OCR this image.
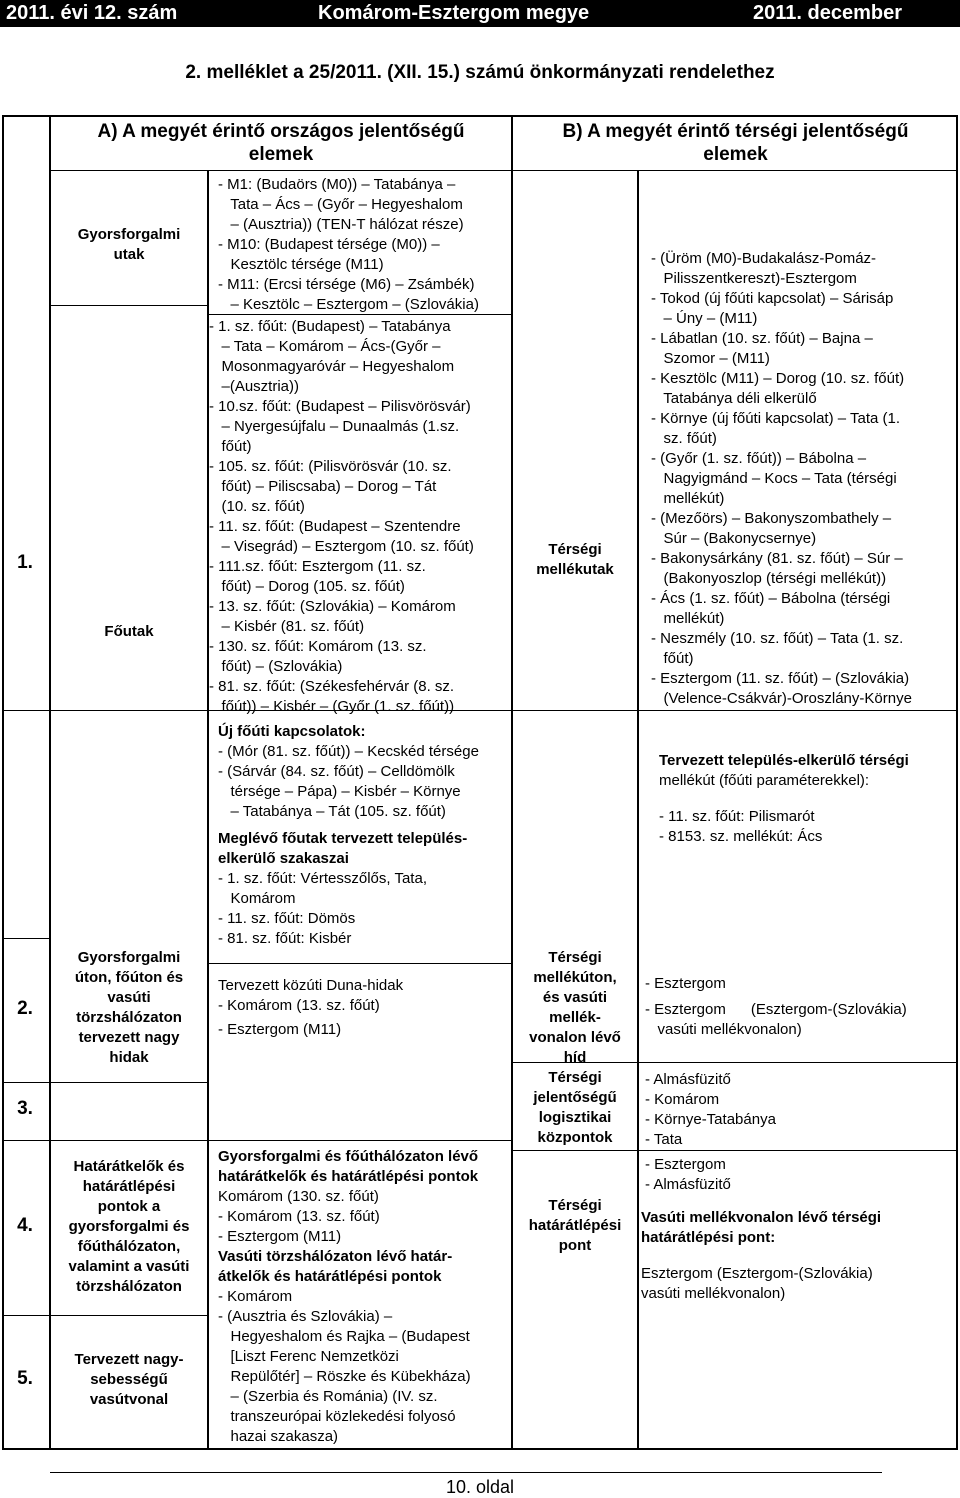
2011. évi 12. szám	Komárom-Esztergom megye	2011. december
2. melléklet a 25/2011. (XII. 15.) számú önkormányzati rendelethez
A) A megyét érintő országos jelentőségű
elemek
B) A megyét érintő térségi jelentőségű
elemek
1.
2.
3.
4.
5.
Gyorsforgalmi
utak
Főutak
Térségi
mellékutak
Gyorsforgalmi
úton, főúton és
vasúti
törzshálózaton
tervezett nagy
hidak
Térségi
mellékúton,
és vasúti
mellék-
vonalon lévő
híd
Térségi
jelentőségű
logisztikai
központok
Határátkelők és
határátlépési
pontok a
gyorsforgalmi és
főúthálózaton,
valamint a vasúti
törzshálózaton
Térségi
határátlépési
pont
Tervezett nagy-
sebességű
vasútvonal
- M1: (Budaörs (M0)) – Tatabánya –
Tata – Ács – (Győr – Hegyeshalom
– (Ausztria)) (TEN-T hálózat része)
- M10: (Budapest térsége (M0)) –
Kesztölc térsége (M11)
- M11: (Ercsi térsége (M6) – Zsámbék)
– Kesztölc – Esztergom – (Szlovákia)
- 1. sz. főút: (Budapest) – Tatabánya
– Tata – Komárom – Ács-(Győr –
Mosonmagyaróvár – Hegyeshalom
–(Ausztria))
- 10.sz. főút: (Budapest – Pilisvörösvár)
– Nyergesújfalu – Dunaalmás (1.sz.
főút)
- 105. sz. főút: (Pilisvörösvár (10. sz.
főút) – Piliscsaba) – Dorog – Tát
(10. sz. főút)
- 11. sz. főút: (Budapest – Szentendre
– Visegrád) – Esztergom (10. sz. főút)
- 111.sz. főút: Esztergom (11. sz.
főút) – Dorog (105. sz. főút)
- 13. sz. főút: (Szlovákia) – Komárom
– Kisbér (81. sz. főút)
- 130. sz. főút: Komárom (13. sz.
főút) – (Szlovákia)
- 81. sz. főút: (Székesfehérvár (8. sz.
főút)) – Kisbér – (Győr (1. sz. főút))
Új főúti kapcsolatok:
- (Mór (81. sz. főút)) – Kecskéd térsége
- (Sárvár (84. sz. főút) – Celldömölk
térsége – Pápa) – Kisbér – Környe
– Tatabánya – Tát (105. sz. főút)
Meglévő főutak tervezett település-
elkerülő szakaszai
- 1. sz. főút: Vértesszőlős, Tata,
Komárom
- 11. sz. főút: Dömös
- 81. sz. főút: Kisbér
Tervezett közúti Duna-hidak
- Komárom (13. sz. főút)
- Esztergom (M11)
Gyorsforgalmi és főúthálózaton lévő
határátkelők és határátlépési pontok
Komárom (130. sz. főút)
- Komárom (13. sz. főút)
- Esztergom (M11)
Vasúti törzshálózaton lévő határ-
átkelők és határátlépési pontok
- Komárom
- (Ausztria és Szlovákia) –
Hegyeshalom és Rajka – (Budapest
[Liszt Ferenc Nemzetközi
Repülőtér] – Röszke és Kübekháza)
– (Szerbia és Románia) (IV. sz.
transzeurópai közlekedési folyosó
hazai szakasza)
- (Üröm (M0)-Budakalász-Pomáz-
Pilisszentkereszt)-Esztergom
- Tokod (új főúti kapcsolat) – Sárisáp
– Úny – (M11)
- Lábatlan (10. sz. főút) – Bajna –
Szomor – (M11)
- Kesztölc (M11) – Dorog (10. sz. főút)
Tatabánya déli elkerülő
- Környe (új főúti kapcsolat) – Tata (1.
sz. főút)
- (Győr (1. sz. főút)) – Bábolna –
Nagyigmánd – Kocs – Tata (térségi
mellékút)
- (Mezőörs) – Bakonyszombathely –
Súr – (Bakonycsernye)
- Bakonysárkány (81. sz. főút) – Súr –
(Bakonyoszlop (térségi mellékút))
- Ács (1. sz. főút) – Bábolna (térségi
mellékút)
- Neszmély (10. sz. főút) – Tata (1. sz.
főút)
- Esztergom (11. sz. főút) – (Szlovákia)
(Velence-Csákvár)-Oroszlány-Környe
Tervezett település-elkerülő térségi
mellékút (főúti paraméterekkel):
- 11. sz. főút: Pilismarót
- 8153. sz. mellékút: Ács
- Esztergom
- Esztergom      (Esztergom-(Szlovákia)
vasúti mellékvonalon)
- Almásfüzitő
- Komárom
- Környe-Tatabánya
- Tata
- Esztergom
- Almásfüzitő
Vasúti mellékvonalon lévő térségi
határátlépési pont:
Esztergom (Esztergom-(Szlovákia)
vasúti mellékvonalon)
10. oldal
